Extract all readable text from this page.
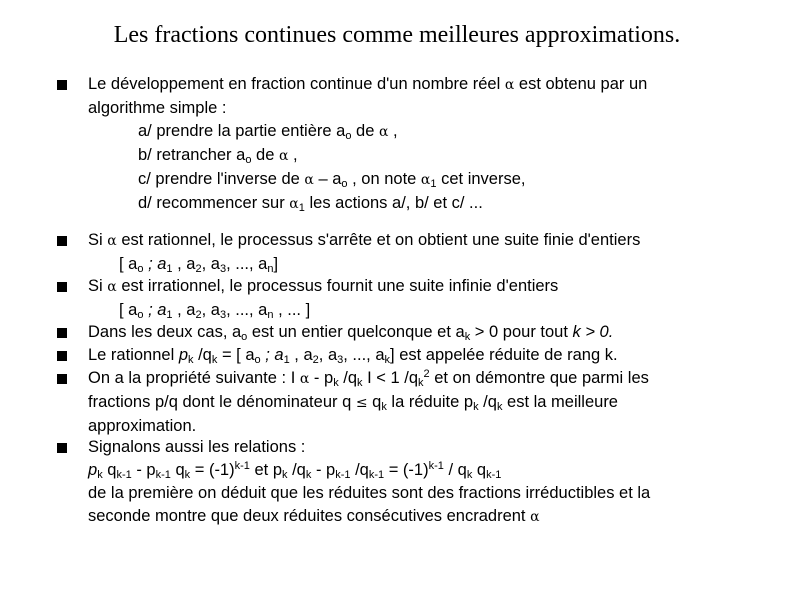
Les fractions continues comme meilleures approximations.
Le développement en fraction continue d'un nombre réel α est obtenu par un
algorithme simple :
a/ prendre la partie entière $a_o$ de α ,
b/ retrancher $a_o$ de α ,
c/ prendre l'inverse de α – $a_o$ , on note $\alpha_1$ cet inverse,
d/ recommencer sur $\alpha_1$ les actions a/, b/ et c/ ...
Si α est rationnel, le processus s'arrête et on obtient une suite finie d'entiers
[ $a_o$ ; $a_1$ , $a_2$, $a_3$, ..., $a_n$]
Si α est irrationnel, le processus fournit une suite infinie d'entiers
[ $a_o$ ; $a_1$ , $a_2$, $a_3$, ..., $a_n$ , ... ]
Dans les deux cas, $a_o$ est un entier quelconque et $a_k > 0$ pour tout k > 0.
Le rationnel $p_k$ $/q_k$ = [ $a_o$ ; $a_1$ , $a_2$, $a_3$, ..., $a_k$] est appelée réduite de rang k.
On a la propriété suivante : I α - $p_k$ $/q_k$ I < 1 $/q_k^2$ et on démontre que parmi les
fractions p/q dont le dénominateur $q \le q_k$ la réduite $p_k$ $/q_k$ est la meilleure
approximation.
Signalons aussi les relations :
$p_k$ $q_{k-1} - p_{k-1}$ $q_k = (-1)^{k-1}$ et $p_k$ $/q_k - p_{k-1}$ $/q_{k-1} = (-1)^{k-1} / q_k$ $q_{k-1}$
de la première on déduit que les réduites sont des fractions irréductibles et la
seconde montre que deux réduites consécutives encradrent α
